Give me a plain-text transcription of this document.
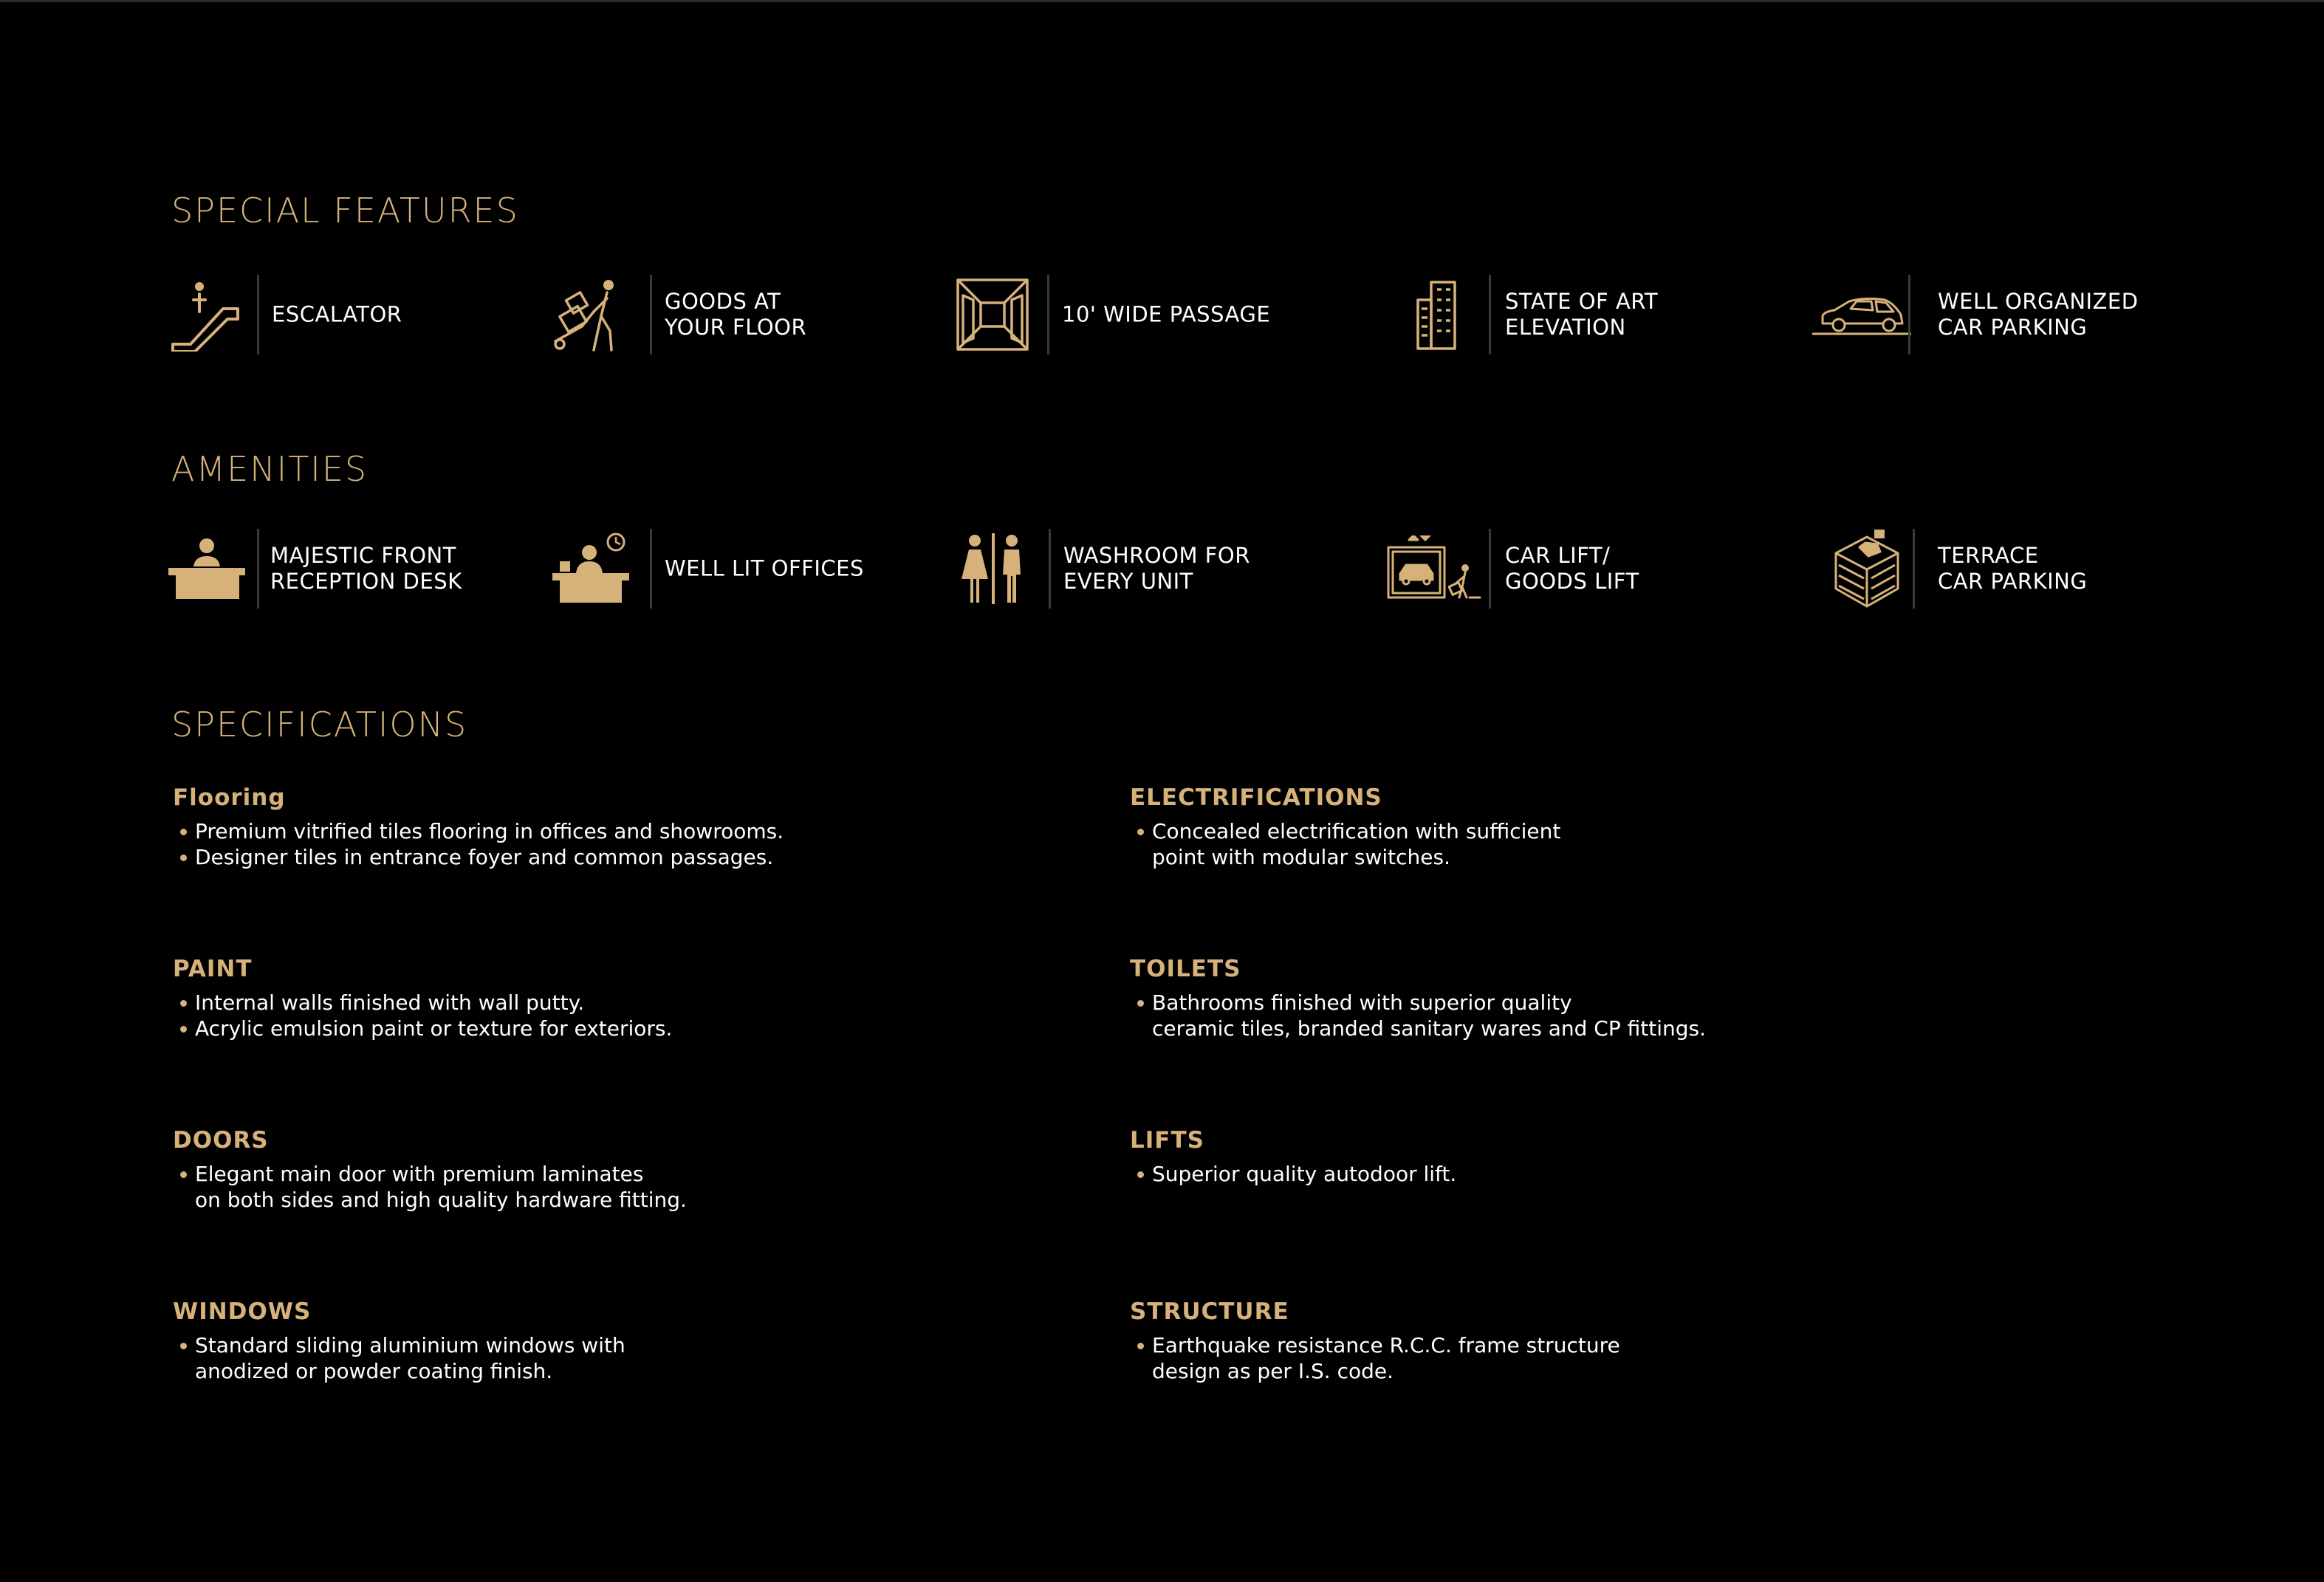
SPECIAL FEATURES
ESCALATOR
GOODS AT
YOUR FLOOR
10' WIDE PASSAGE
STATE OF ART
ELEVATION
WELL ORGANIZED
CAR PARKING
AMENITIES
MAJESTIC FRONT
RECEPTION DESK
WELL LIT OFFICES
WASHROOM FOR
EVERY UNIT
CAR LIFT/
GOODS LIFT
TERRACE
CAR PARKING
SPECIFICATIONS
Flooring
Premium vitrified tiles flooring in offices and showrooms.
Designer tiles in entrance foyer and common passages.
PAINT
Internal walls finished with wall putty.
Acrylic emulsion paint or texture for exteriors.
DOORS
Elegant main door with premium laminates
on both sides and high quality hardware fitting.
WINDOWS
Standard sliding aluminium windows with
anodized or powder coating finish.
ELECTRIFICATIONS
Concealed electrification with sufficient
point with modular switches.
TOILETS
Bathrooms finished with superior quality
ceramic tiles, branded sanitary wares and CP fittings.
LIFTS
Superior quality autodoor lift.
STRUCTURE
Earthquake resistance R.C.C. frame structure
design as per I.S. code.
